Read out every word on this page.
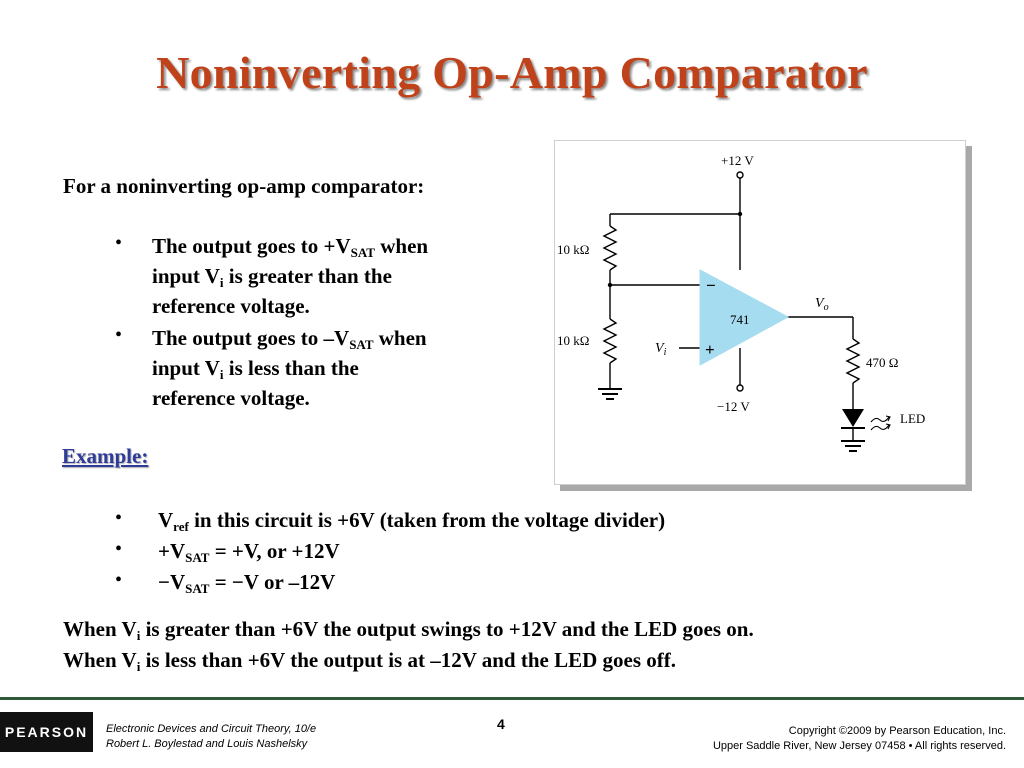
Noninverting Op-Amp Comparator
For a noninverting op-amp comparator:
• The output goes to $+V_{SAT}$ when
input $V_i$ is greater than the
reference voltage.
• The output goes to $-V_{SAT}$ when
input $V_i$ is less than the
reference voltage.
Example:
• $V_{ref}$ in this circuit is +6V (taken from the voltage divider)
• $+V_{SAT} = +V$, or +12V
• $-V_{SAT} = -V$ or –12V
When $V_i$ is greater than +6V the output swings to +12V and the LED goes on.
When $V_i$ is less than +6V the output is at –12V and the LED goes off.
+12 V
−12 V
10 kΩ
10 kΩ
741
−
+
$V_i$
$V_o$
470 Ω
LED
PEARSON	4
Electronic Devices and Circuit Theory, 10/e
Robert L. Boylestad and Louis Nashelsky
Copyright ©2009 by Pearson Education, Inc.
Upper Saddle River, New Jersey 07458 • All rights reserved.
